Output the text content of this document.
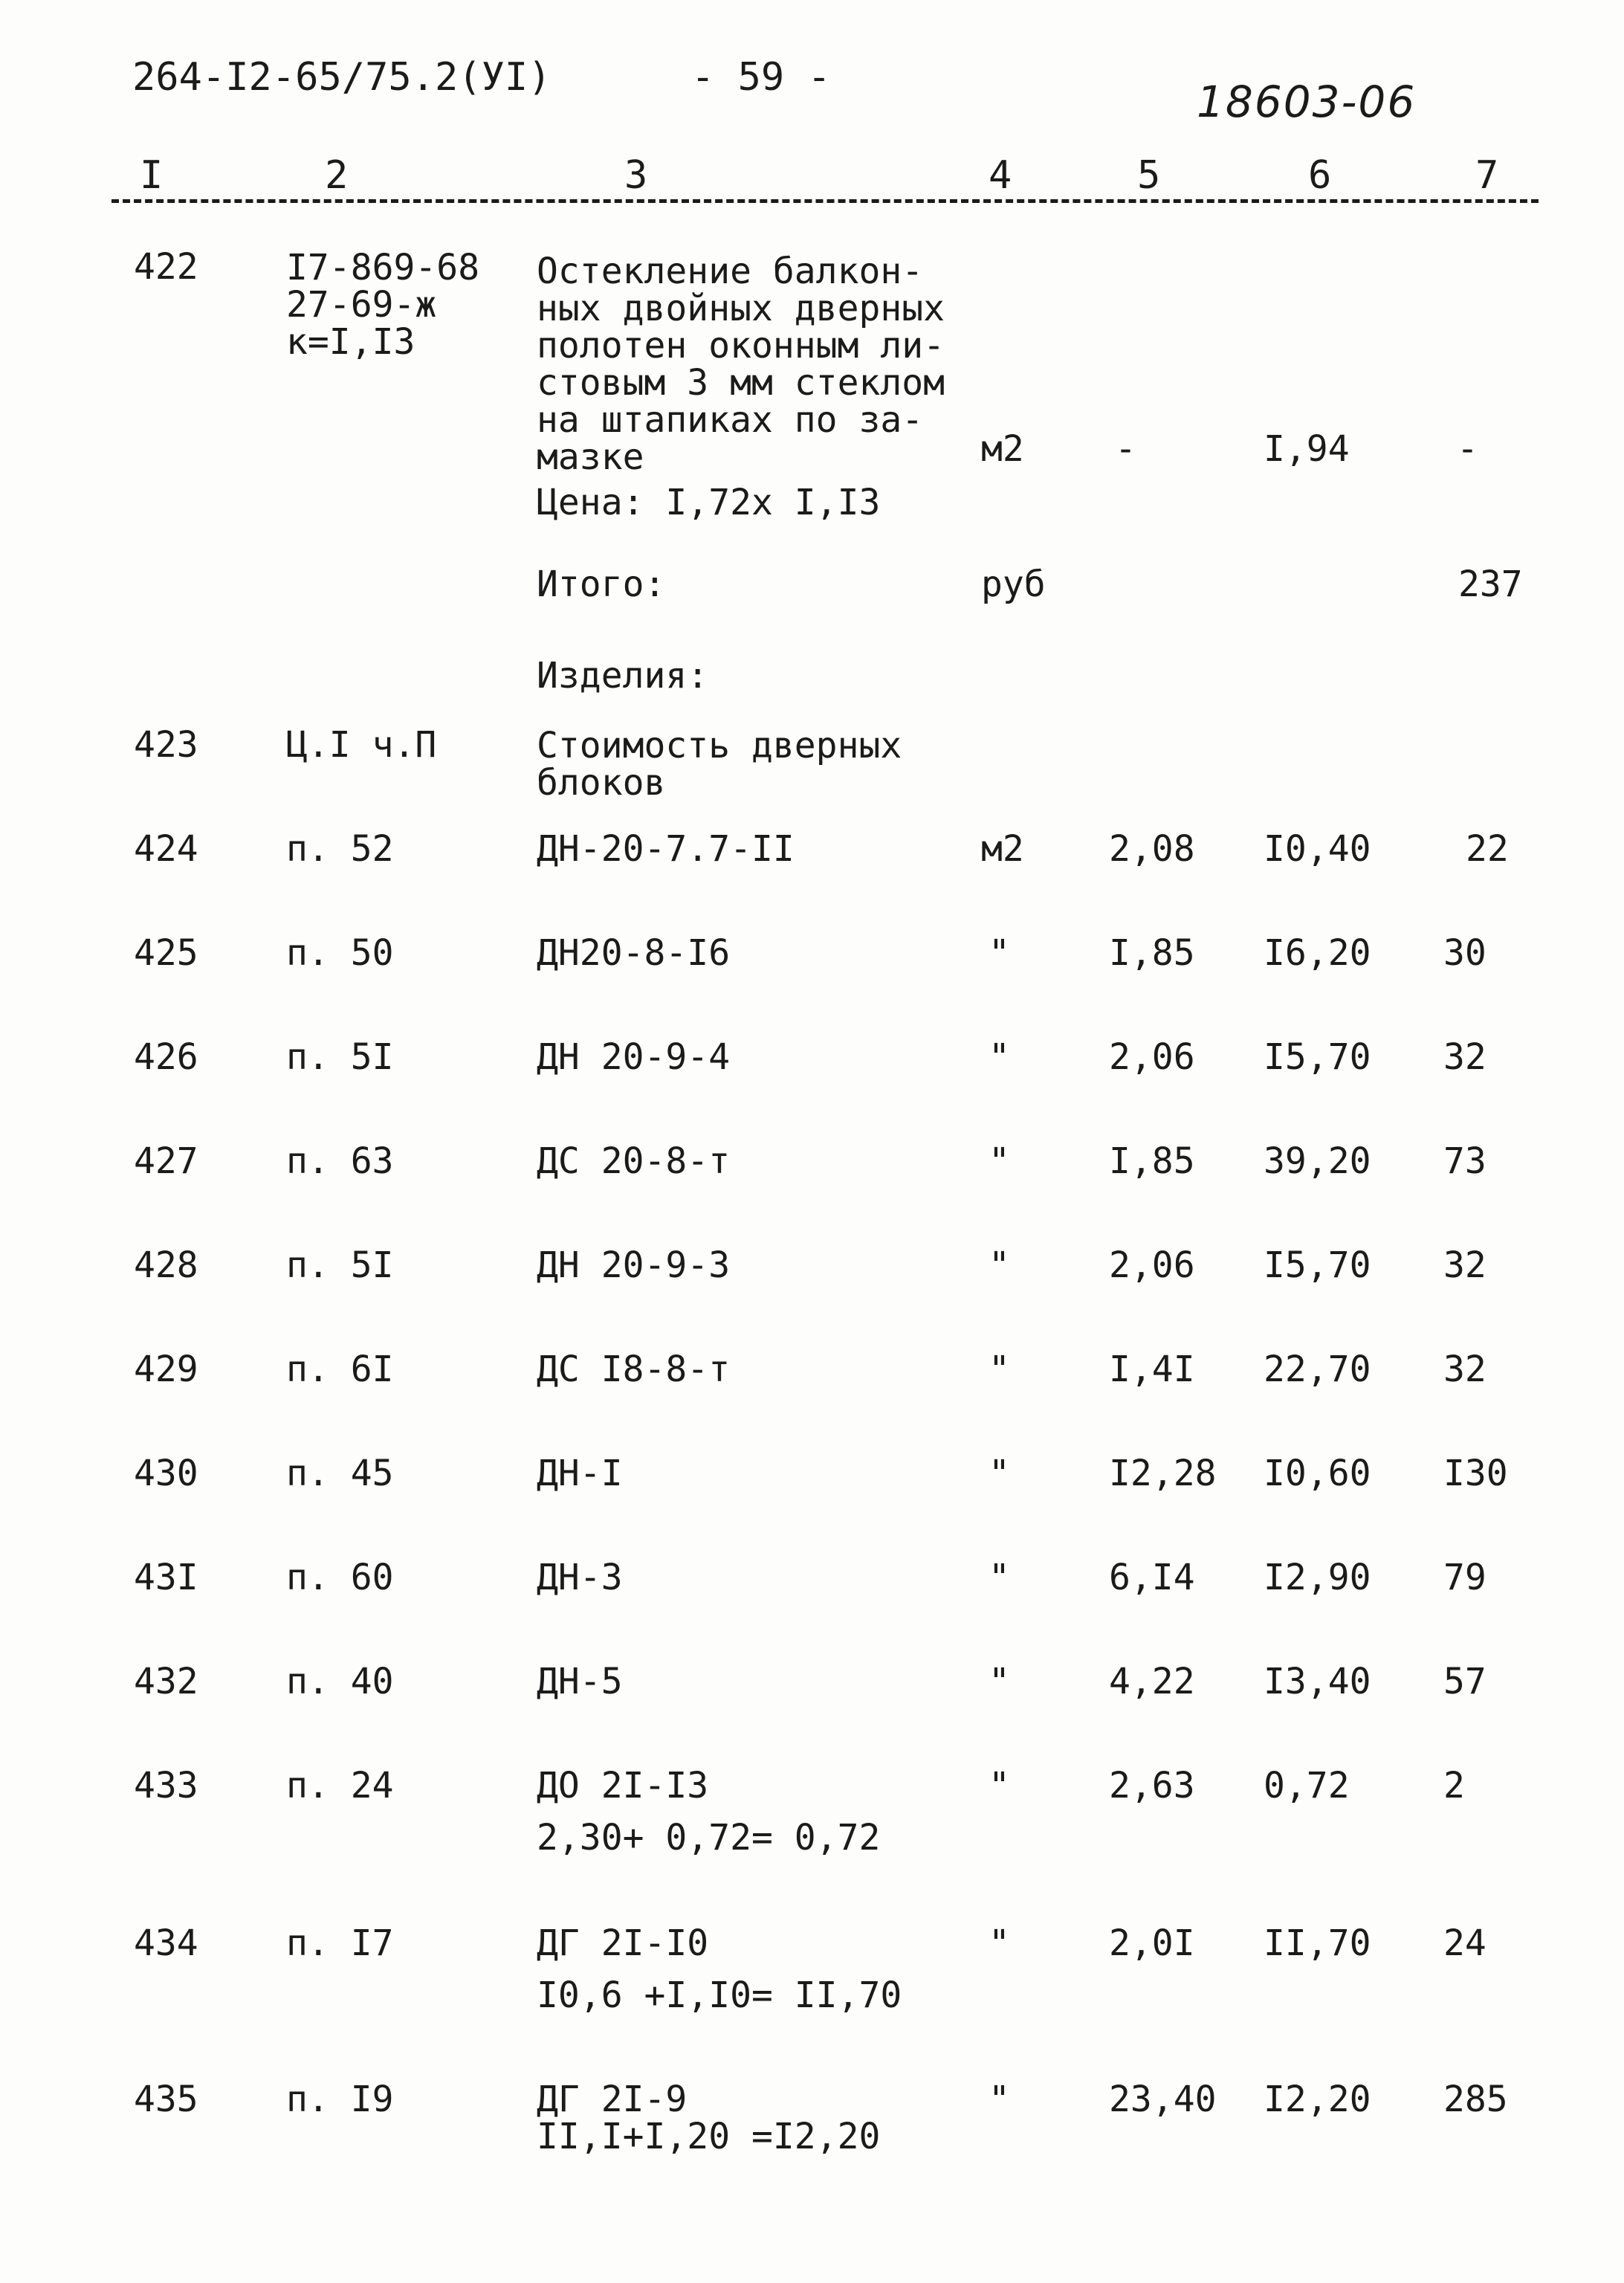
264-I2-65/75.2(УI)	- 59 -	18603-06
I	2	3	4	5	6	7
422 I7-869-68
27-69-ж
к=I,I3
Остекление балкон-
ных двойных дверных
полотен оконным ли-
стовым 3 мм стеклом
на штапиках по за-
мазке	м2	-	I,94	-
Цена: I,72х I,I3
Итого:	руб	237
Изделия:
423 Ц.I ч.П	Стоимость дверных
блоков
424 п. 52	ДН-20-7.7-II	м2 2,08 I0,40	22
425 п. 50	ДН20-8-I6	"	I,85 I6,20 30
426 п. 5I	ДН 20-9-4	"	2,06 I5,70 32
427 п. 63	ДС 20-8-т	"	I,85 39,20 73
428 п. 5I	ДН 20-9-3	"	2,06 I5,70 32
429 п. 6I	ДС I8-8-т	"	I,4I 22,70 32
430 п. 45	ДН-I	"	I2,28 I0,60 I30
43I п. 60	ДН-3	"	6,I4 I2,90 79
432 п. 40	ДН-5	"	4,22 I3,40 57
433 п. 24	ДО 2I-I3	"	2,63 0,72	2
2,30+ 0,72= 0,72
434 п. I7	ДГ 2I-I0	"	2,0I II,70 24
I0,6 +I,I0= II,70
435 п. I9	ДГ 2I-9	"	23,40 I2,20 285
II,I+I,20 =I2,20
